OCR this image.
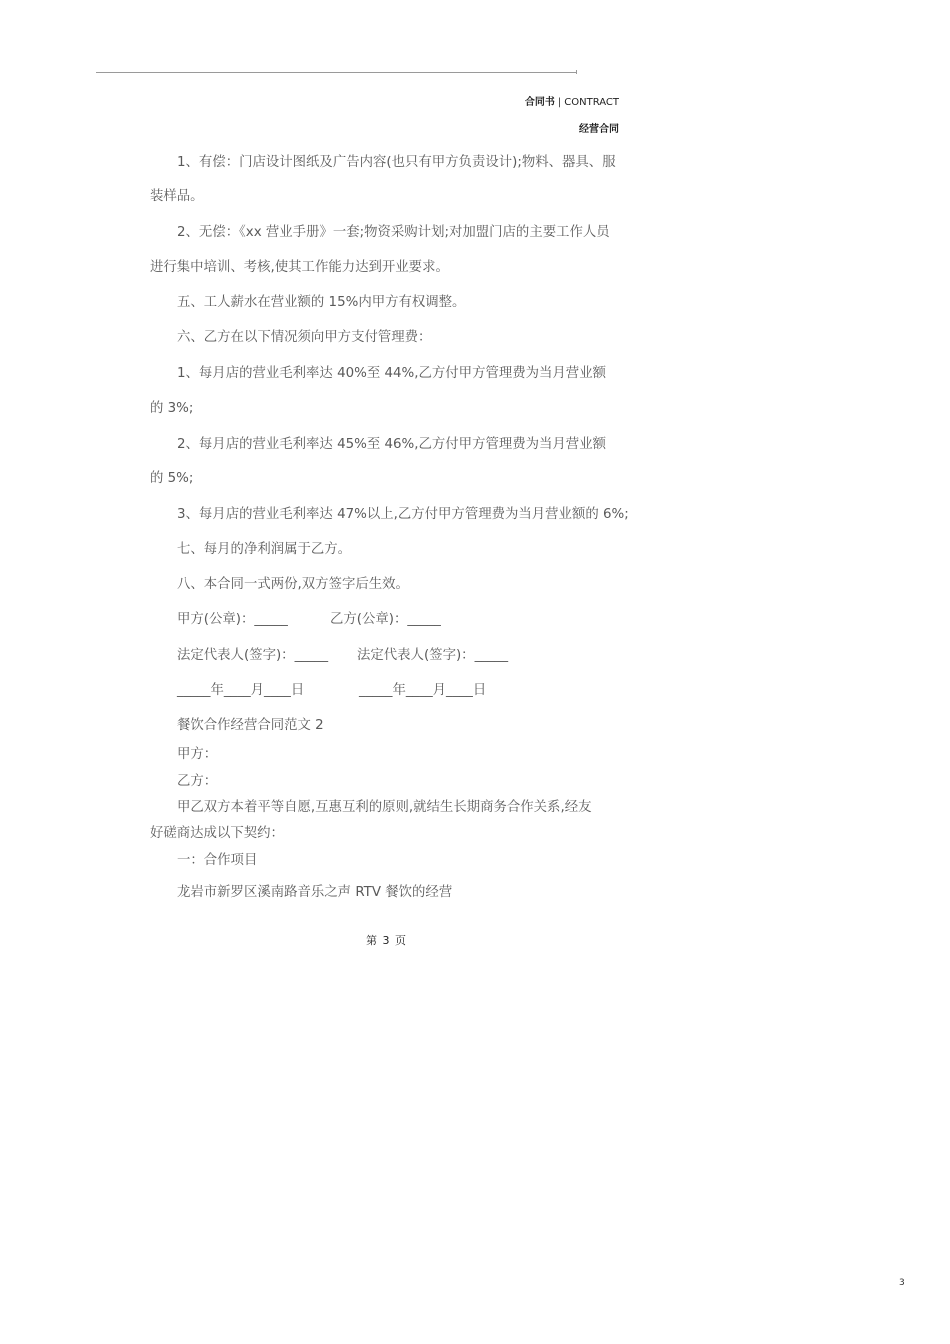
合同书 | CONTRACT
经营合同
1、有偿：门店设计图纸及广告内容(也只有甲方负责设计);物料、器具、服
装样品。
2、无偿：《xx 营业手册》一套;物资采购计划;对加盟门店的主要工作人员
进行集中培训、考核,使其工作能力达到开业要求。
五、工人薪水在营业额的 15%内甲方有权调整。
六、乙方在以下情况须向甲方支付管理费：
1、每月店的营业毛利率达 40%至 44%,乙方付甲方管理费为当月营业额
的 3%;
2、每月店的营业毛利率达 45%至 46%,乙方付甲方管理费为当月营业额
的 5%;
3、每月店的营业毛利率达 47%以上,乙方付甲方管理费为当月营业额的 6%;
七、每月的净利润属于乙方。
八、本合同一式两份,双方签字后生效。
甲方(公章)：_____	乙方(公章)：_____
法定代表人(签字)：_____ 法定代表人(签字)：_____
_____年____月____日	_____年____月____日
餐饮合作经营合同范文 2
甲方：
乙方：
甲乙双方本着平等自愿,互惠互利的原则,就结生长期商务合作关系,经友
好磋商达成以下契约：
一：合作项目
龙岩市新罗区溪南路音乐之声 RTV 餐饮的经营
第 3 页
3
